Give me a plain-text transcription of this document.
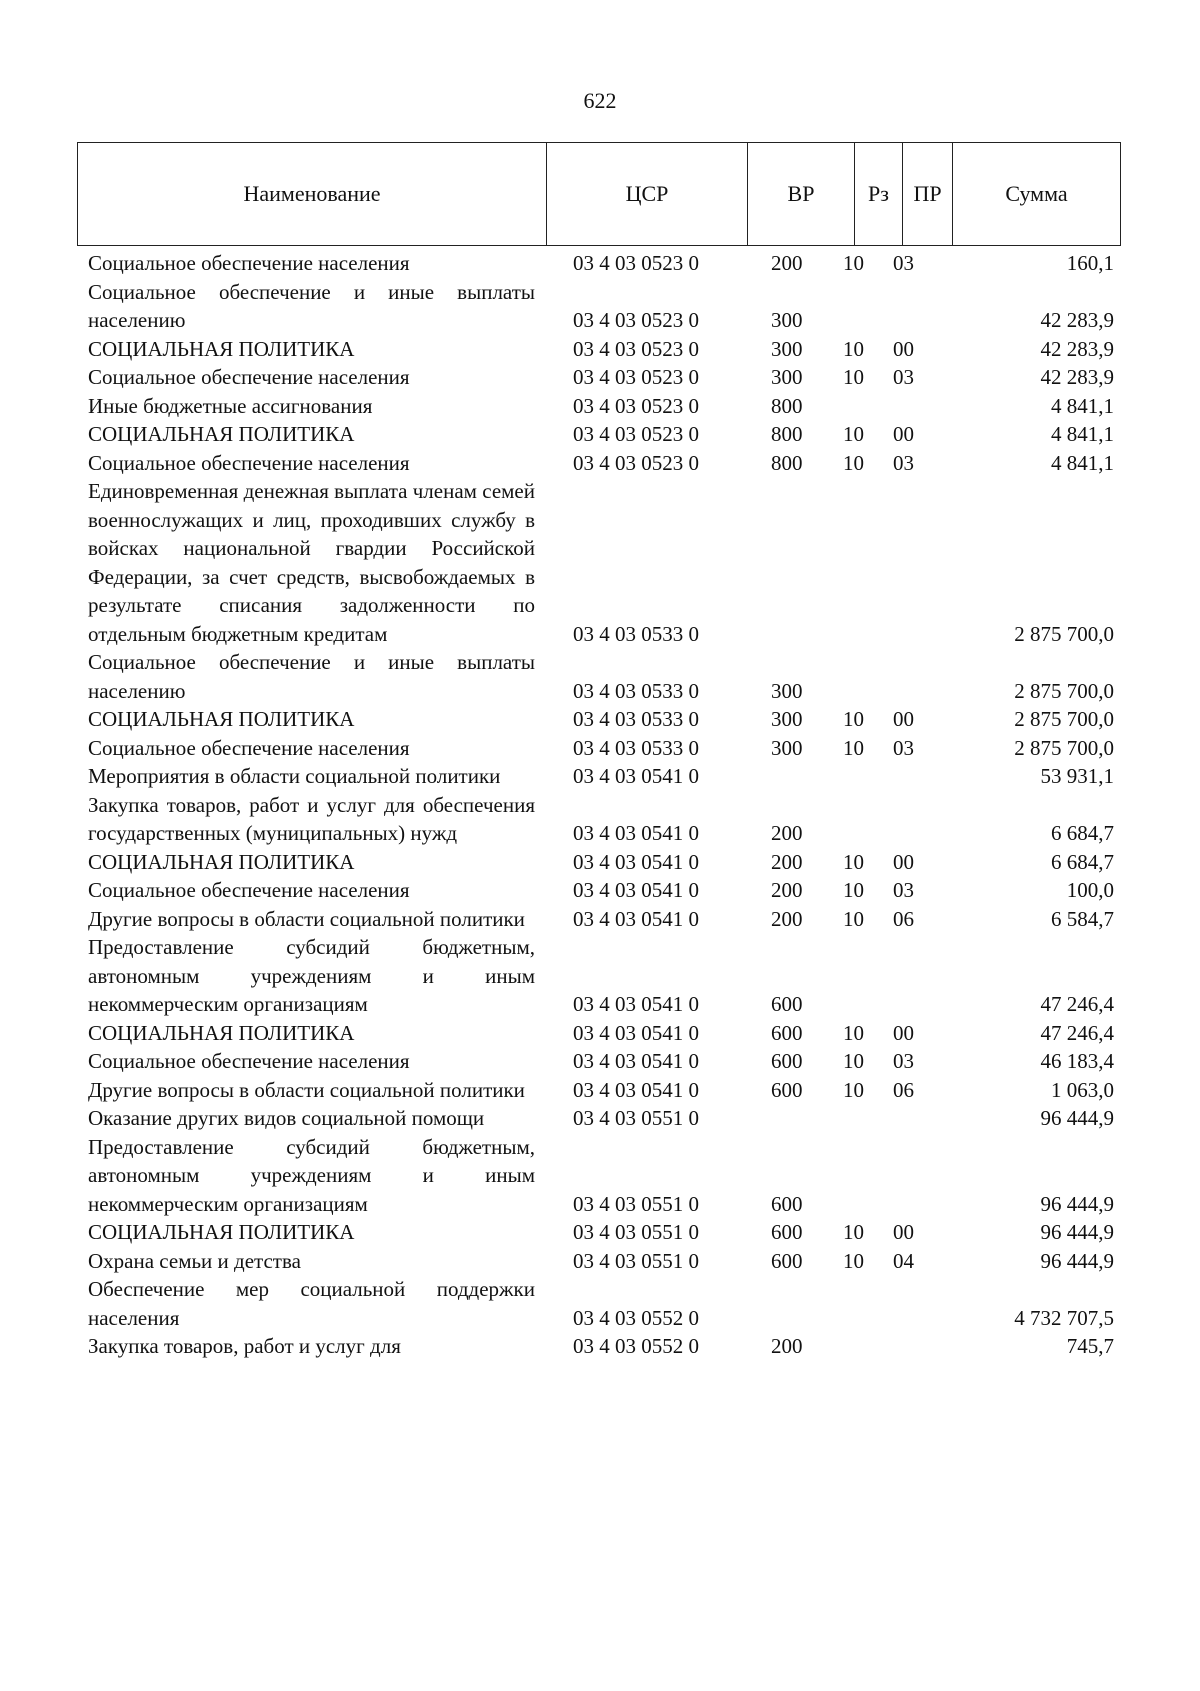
622
Наименование	ЦСР	ВР	Рз	ПР	Сумма
Социальное обеспечение населения	03 4 03 0523 0	200 10 03	160,1
Социальное обеспечение и иные выплаты населению	03 4 03 0523 0	300	42 283,9
СОЦИАЛЬНАЯ ПОЛИТИКА	03 4 03 0523 0	300 10 00	42 283,9
Социальное обеспечение населения	03 4 03 0523 0	300 10 03	42 283,9
Иные бюджетные ассигнования	03 4 03 0523 0	800	4 841,1
СОЦИАЛЬНАЯ ПОЛИТИКА	03 4 03 0523 0	800 10 00	4 841,1
Социальное обеспечение населения	03 4 03 0523 0	800 10 03	4 841,1
Единовременная денежная выплата членам семей военнослужащих и лиц, проходивших службу в войсках национальной гвардии Российской Федерации, за счет средств, высвобождаемых в результате списания задолженности по отдельным бюджетным кредитам	03 4 03 0533 0	2 875 700,0
Социальное обеспечение и иные выплаты населению	03 4 03 0533 0	300	2 875 700,0
СОЦИАЛЬНАЯ ПОЛИТИКА	03 4 03 0533 0	300 10 00	2 875 700,0
Социальное обеспечение населения	03 4 03 0533 0	300 10 03	2 875 700,0
Мероприятия в области социальной политики	03 4 03 0541 0	53 931,1
Закупка товаров, работ и услуг для обеспечения государственных (муниципальных) нужд	03 4 03 0541 0	200	6 684,7
СОЦИАЛЬНАЯ ПОЛИТИКА	03 4 03 0541 0	200 10 00	6 684,7
Социальное обеспечение населения	03 4 03 0541 0	200 10 03	100,0
Другие вопросы в области социальной политики	03 4 03 0541 0	200 10 06	6 584,7
Предоставление субсидий бюджетным, автономным учреждениям и иным некоммерческим организациям	03 4 03 0541 0	600	47 246,4
СОЦИАЛЬНАЯ ПОЛИТИКА	03 4 03 0541 0	600 10 00	47 246,4
Социальное обеспечение населения	03 4 03 0541 0	600 10 03	46 183,4
Другие вопросы в области социальной политики	03 4 03 0541 0	600 10 06	1 063,0
Оказание других видов социальной помощи	03 4 03 0551 0	96 444,9
Предоставление субсидий бюджетным, автономным учреждениям и иным некоммерческим организациям	03 4 03 0551 0	600	96 444,9
СОЦИАЛЬНАЯ ПОЛИТИКА	03 4 03 0551 0	600 10 00	96 444,9
Охрана семьи и детства	03 4 03 0551 0	600 10 04	96 444,9
Обеспечение мер социальной поддержки населения	03 4 03 0552 0	4 732 707,5
Закупка товаров, работ и услуг для	03 4 03 0552 0	200	745,7
